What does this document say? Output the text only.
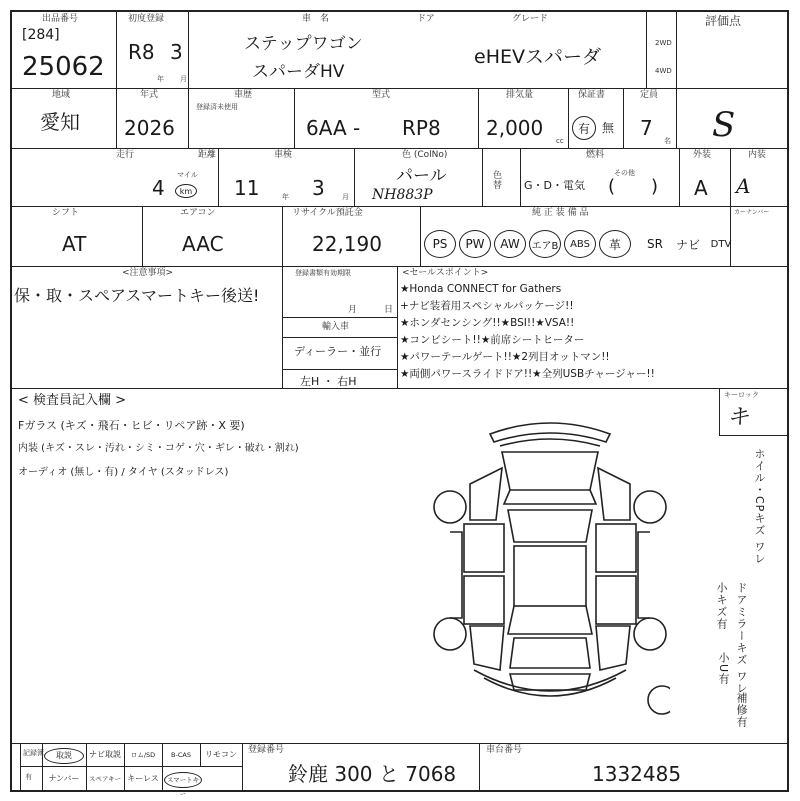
出品番号
[284]
25062
初度登録
R8 3
年 月
車　名	ドア	グレード
ステップワゴン
スパーダHV
eHEVスパーダ
2WD
4WD
評価点
S
地域
愛知
年式
2026
車歴
登録済未使用
型式
6AA - RP8
排気量
2,000
cc
保証書
有	無
定員
7
名
走行	距離
4
マイル
km
車検
11	年 3 月
色 (ColNo)
パール
NH883P
色替
燃料
G・D・電気
その他
(　　)
外装
A
内装
A
シフト
AT
エアコン
AAC
リサイクル預託金
22,190
純 正 装 備 品	カーナンバー
PS	PW	AW	エアB	ABS	革	SR	ナビ	DTV
<注意事項>
保・取・スペアスマートキー後送!
登録書類有効期限
月	日
輸入車
ディーラー・並行
左H ・ 右H
<セールスポイント>
★Honda CONNECT for Gathers
+ナビ装着用スペシャルパッケージ!!
★ホンダセンシング!!★BSI!!★VSA!!
★コンビシート!!★前席シートヒーター
★パワーテールゲート!!★2列目オットマン!!
★両側パワースライドドア!!★全列USBチャージャー!!
< 検査員記入欄 >
Fガラス (キズ・飛石・ヒビ・リペア跡・X 要)
内装 (キズ・スレ・汚れ・シミ・コゲ・穴・ギレ・破れ・割れ)
オーディオ (無し・有) / タイヤ (スタッドレス)
キーロック
キ
ホイル・CPキズ ワレ
ドアミラーキズ ワレ
小キズ有
小U有
補修有
記録簿
有
取説	ナビ取説	ロム/SD	B-CAS	リモコン
ナンバー	スペアキー キーレス	スマートキー
登録番号
鈴鹿 300 と 7068
車台番号
1332485
